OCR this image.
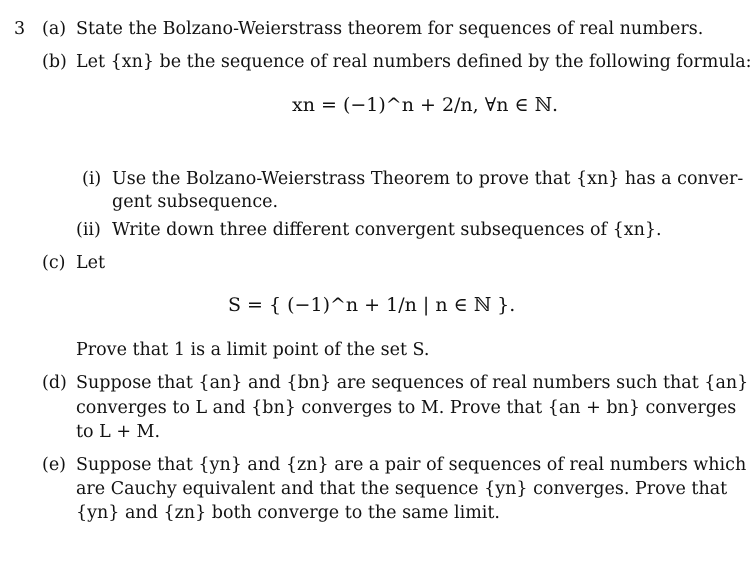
3 (a) State the Bolzano-Weierstrass theorem for sequences of real numbers.
(b) Let {xn} be the sequence of real numbers defined by the following formula:
xn = (−1)^n + 2/n, ∀n ∈ ℕ.
(i) Use the Bolzano-Weierstrass Theorem to prove that {xn} has a conver-
gent subsequence.
(ii) Write down three different convergent subsequences of {xn}.
(c) Let
S = { (−1)^n + 1/n | n ∈ ℕ }.
Prove that 1 is a limit point of the set S.
(d) Suppose that {an} and {bn} are sequences of real numbers such that {an}
converges to L and {bn} converges to M. Prove that {an + bn} converges
to L + M.
(e) Suppose that {yn} and {zn} are a pair of sequences of real numbers which
are Cauchy equivalent and that the sequence {yn} converges. Prove that
{yn} and {zn} both converge to the same limit.
